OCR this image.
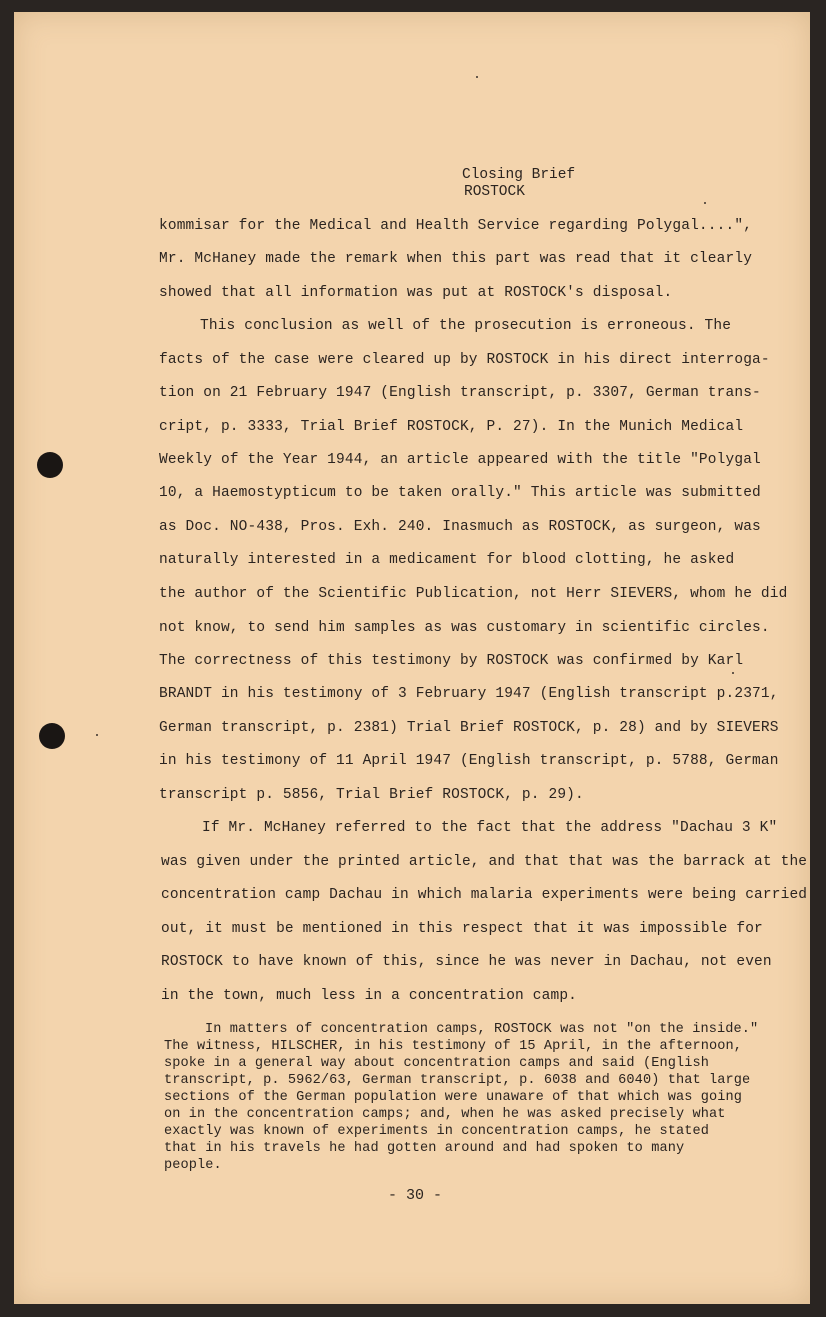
Closing Brief
ROSTOCK
kommisar for the Medical and Health Service regarding Polygal....",
Mr. McHaney made the remark when this part was read that it clearly
showed that all information was put at ROSTOCK's disposal.
This conclusion as well of the prosecution is erroneous. The
facts of the case were cleared up by ROSTOCK in his direct interroga-
tion on 21 February 1947 (English transcript, p. 3307, German trans-
cript, p. 3333, Trial Brief ROSTOCK, P. 27). In the Munich Medical
Weekly of the Year 1944, an article appeared with the title "Polygal
10, a Haemostypticum to be taken orally." This article was submitted
as Doc. NO-438, Pros. Exh. 240. Inasmuch as ROSTOCK, as surgeon, was
naturally interested in a medicament for blood clotting, he asked
the author of the Scientific Publication, not Herr SIEVERS, whom he did
not know, to send him samples as was customary in scientific circles.
The correctness of this testimony by ROSTOCK was confirmed by Karl
BRANDT in his testimony of 3 February 1947 (English transcript p.2371,
German transcript, p. 2381) Trial Brief ROSTOCK, p. 28) and by SIEVERS
in his testimony of 11 April 1947 (English transcript, p. 5788, German
transcript p. 5856, Trial Brief ROSTOCK, p. 29).
If Mr. McHaney referred to the fact that the address "Dachau 3 K"
was given under the printed article, and that that was the barrack at the
concentration camp Dachau in which malaria experiments were being carried
out, it must be mentioned in this respect that it was impossible for
ROSTOCK to have known of this, since he was never in Dachau, not even
in the town, much less in a concentration camp.
In matters of concentration camps, ROSTOCK was not "on the inside."
The witness, HILSCHER, in his testimony of 15 April, in the afternoon,
spoke in a general way about concentration camps and said (English
transcript, p. 5962/63, German transcript, p. 6038 and 6040) that large
sections of the German population were unaware of that which was going
on in the concentration camps; and, when he was asked precisely what
exactly was known of experiments in concentration camps, he stated
that in his travels he had gotten around and had spoken to many
people.
- 30 -
